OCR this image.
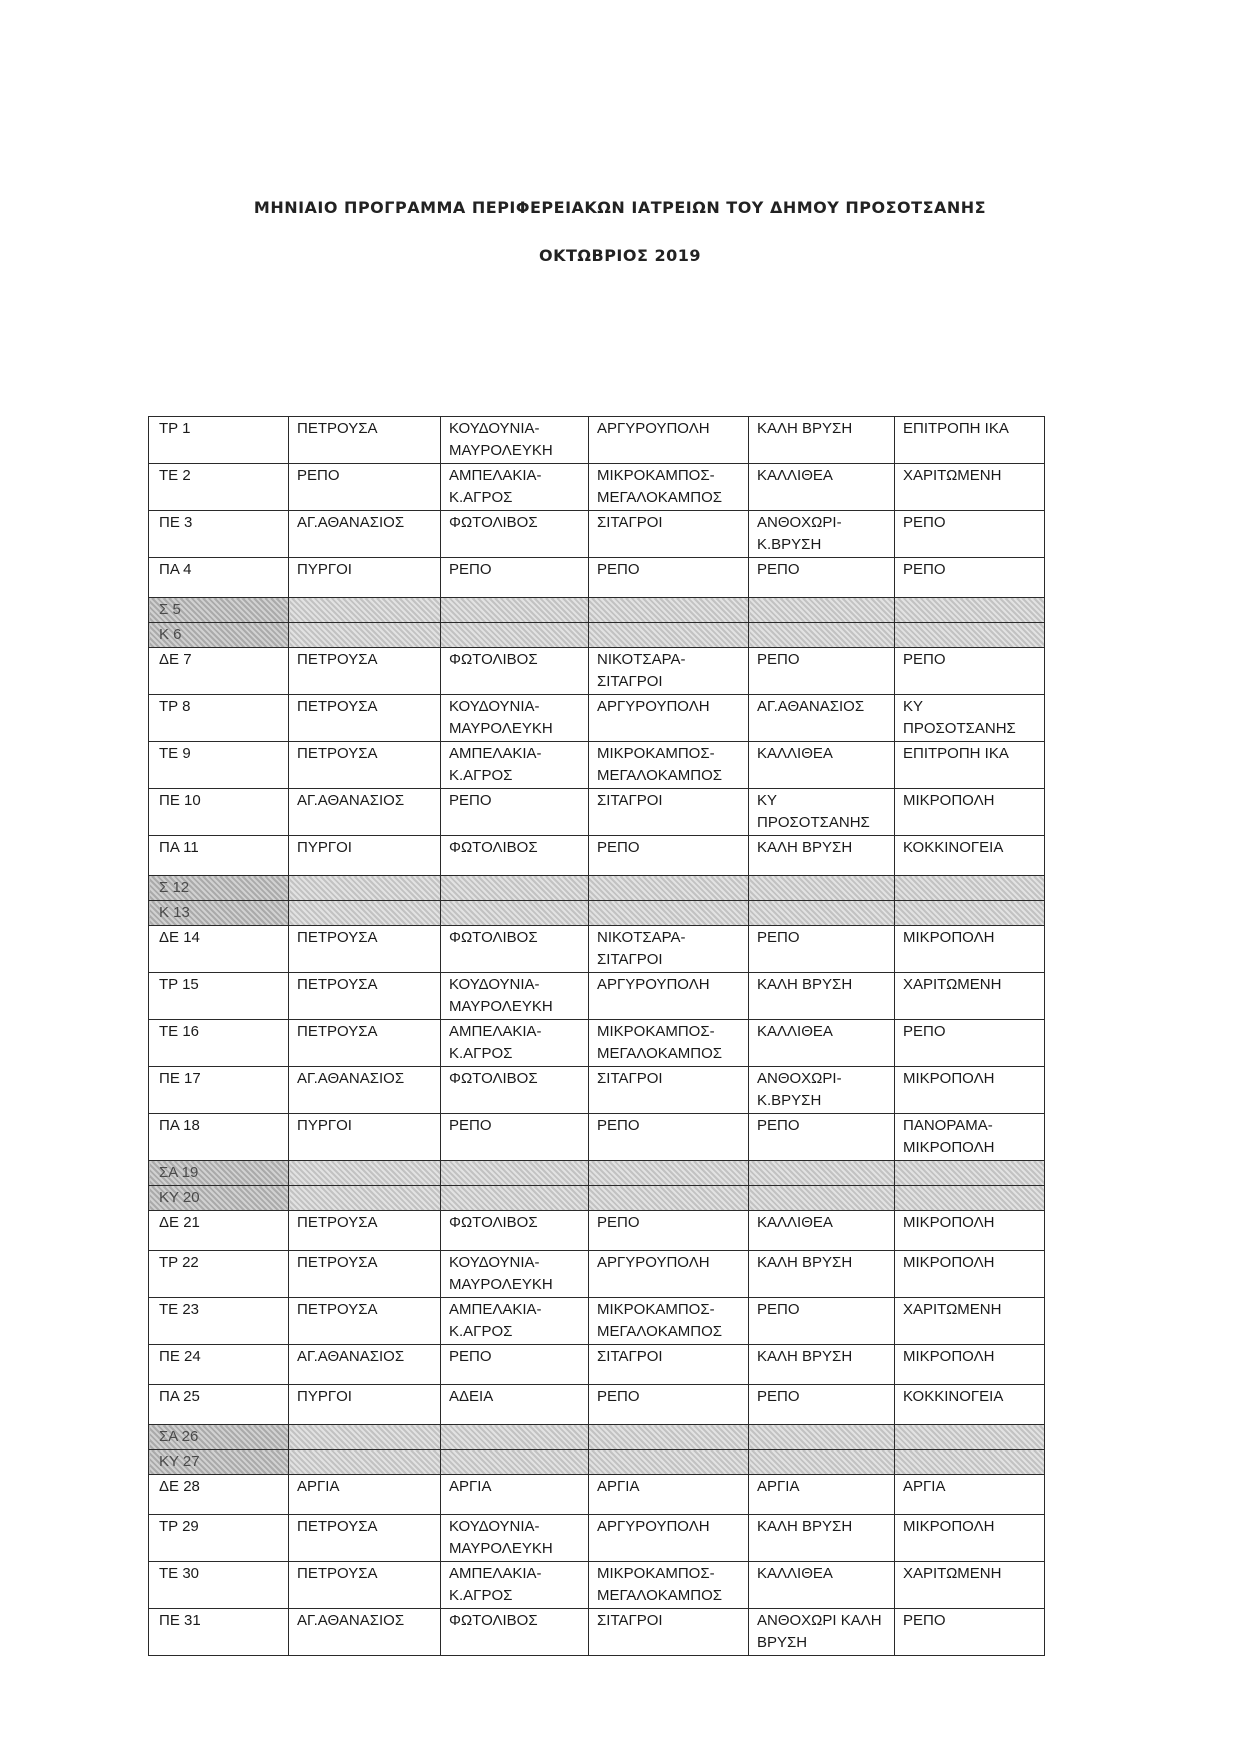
ΜΗΝΙΑΙΟ ΠΡΟΓΡΑΜΜΑ ΠΕΡΙΦΕΡΕΙΑΚΩΝ ΙΑΤΡΕΙΩΝ ΤΟΥ ΔΗΜΟΥ ΠΡΟΣΟΤΣΑΝΗΣ
ΟΚΤΩΒΡΙΟΣ 2019
ΤΡ 1	ΠΕΤΡΟΥΣΑ	ΚΟΥΔΟΥΝΙΑ-ΜΑΥΡΟΛΕΥΚΗ	ΑΡΓΥΡΟΥΠΟΛΗ	ΚΑΛΗ ΒΡΥΣΗ	ΕΠΙΤΡΟΠΗ ΙΚΑ
ΤΕ 2	ΡΕΠΟ	ΑΜΠΕΛΑΚΙΑ-Κ.ΑΓΡΟΣ	ΜΙΚΡΟΚΑΜΠΟΣ-ΜΕΓΑΛΟΚΑΜΠΟΣ	ΚΑΛΛΙΘΕΑ	ΧΑΡΙΤΩΜΕΝΗ
ΠΕ 3	ΑΓ.ΑΘΑΝΑΣΙΟΣ	ΦΩΤΟΛΙΒΟΣ	ΣΙΤΑΓΡΟΙ	ΑΝΘΟΧΩΡΙ-Κ.ΒΡΥΣΗ	ΡΕΠΟ
ΠΑ 4	ΠΥΡΓΟΙ	ΡΕΠΟ	ΡΕΠΟ	ΡΕΠΟ	ΡΕΠΟ
Σ 5					
Κ 6					
ΔΕ 7	ΠΕΤΡΟΥΣΑ	ΦΩΤΟΛΙΒΟΣ	ΝΙΚΟΤΣΑΡΑ-ΣΙΤΑΓΡΟΙ	ΡΕΠΟ	ΡΕΠΟ
ΤΡ 8	ΠΕΤΡΟΥΣΑ	ΚΟΥΔΟΥΝΙΑ-ΜΑΥΡΟΛΕΥΚΗ	ΑΡΓΥΡΟΥΠΟΛΗ	ΑΓ.ΑΘΑΝΑΣΙΟΣ	ΚΥ ΠΡΟΣΟΤΣΑΝΗΣ
ΤΕ 9	ΠΕΤΡΟΥΣΑ	ΑΜΠΕΛΑΚΙΑ-Κ.ΑΓΡΟΣ	ΜΙΚΡΟΚΑΜΠΟΣ-ΜΕΓΑΛΟΚΑΜΠΟΣ	ΚΑΛΛΙΘΕΑ	ΕΠΙΤΡΟΠΗ ΙΚΑ
ΠΕ 10	ΑΓ.ΑΘΑΝΑΣΙΟΣ	ΡΕΠΟ	ΣΙΤΑΓΡΟΙ	ΚΥ ΠΡΟΣΟΤΣΑΝΗΣ	ΜΙΚΡΟΠΟΛΗ
ΠΑ 11	ΠΥΡΓΟΙ	ΦΩΤΟΛΙΒΟΣ	ΡΕΠΟ	ΚΑΛΗ ΒΡΥΣΗ	ΚΟΚΚΙΝΟΓΕΙΑ
Σ 12					
Κ 13					
ΔΕ 14	ΠΕΤΡΟΥΣΑ	ΦΩΤΟΛΙΒΟΣ	ΝΙΚΟΤΣΑΡΑ-ΣΙΤΑΓΡΟΙ	ΡΕΠΟ	ΜΙΚΡΟΠΟΛΗ
ΤΡ 15	ΠΕΤΡΟΥΣΑ	ΚΟΥΔΟΥΝΙΑ-ΜΑΥΡΟΛΕΥΚΗ	ΑΡΓΥΡΟΥΠΟΛΗ	ΚΑΛΗ ΒΡΥΣΗ	ΧΑΡΙΤΩΜΕΝΗ
ΤΕ 16	ΠΕΤΡΟΥΣΑ	ΑΜΠΕΛΑΚΙΑ-Κ.ΑΓΡΟΣ	ΜΙΚΡΟΚΑΜΠΟΣ-ΜΕΓΑΛΟΚΑΜΠΟΣ	ΚΑΛΛΙΘΕΑ	ΡΕΠΟ
ΠΕ 17	ΑΓ.ΑΘΑΝΑΣΙΟΣ	ΦΩΤΟΛΙΒΟΣ	ΣΙΤΑΓΡΟΙ	ΑΝΘΟΧΩΡΙ-Κ.ΒΡΥΣΗ	ΜΙΚΡΟΠΟΛΗ
ΠΑ 18	ΠΥΡΓΟΙ	ΡΕΠΟ	ΡΕΠΟ	ΡΕΠΟ	ΠΑΝΟΡΑΜΑ-ΜΙΚΡΟΠΟΛΗ
ΣΑ 19					
ΚΥ 20					
ΔΕ 21	ΠΕΤΡΟΥΣΑ	ΦΩΤΟΛΙΒΟΣ	ΡΕΠΟ	ΚΑΛΛΙΘΕΑ	ΜΙΚΡΟΠΟΛΗ
ΤΡ 22	ΠΕΤΡΟΥΣΑ	ΚΟΥΔΟΥΝΙΑ-ΜΑΥΡΟΛΕΥΚΗ	ΑΡΓΥΡΟΥΠΟΛΗ	ΚΑΛΗ ΒΡΥΣΗ	ΜΙΚΡΟΠΟΛΗ
ΤΕ 23	ΠΕΤΡΟΥΣΑ	ΑΜΠΕΛΑΚΙΑ-Κ.ΑΓΡΟΣ	ΜΙΚΡΟΚΑΜΠΟΣ-ΜΕΓΑΛΟΚΑΜΠΟΣ	ΡΕΠΟ	ΧΑΡΙΤΩΜΕΝΗ
ΠΕ 24	ΑΓ.ΑΘΑΝΑΣΙΟΣ	ΡΕΠΟ	ΣΙΤΑΓΡΟΙ	ΚΑΛΗ ΒΡΥΣΗ	ΜΙΚΡΟΠΟΛΗ
ΠΑ 25	ΠΥΡΓΟΙ	ΑΔΕΙΑ	ΡΕΠΟ	ΡΕΠΟ	ΚΟΚΚΙΝΟΓΕΙΑ
ΣΑ 26					
ΚΥ 27					
ΔΕ 28	ΑΡΓΙΑ	ΑΡΓΙΑ	ΑΡΓΙΑ	ΑΡΓΙΑ	ΑΡΓΙΑ
ΤΡ 29	ΠΕΤΡΟΥΣΑ	ΚΟΥΔΟΥΝΙΑ-ΜΑΥΡΟΛΕΥΚΗ	ΑΡΓΥΡΟΥΠΟΛΗ	ΚΑΛΗ ΒΡΥΣΗ	ΜΙΚΡΟΠΟΛΗ
ΤΕ 30	ΠΕΤΡΟΥΣΑ	ΑΜΠΕΛΑΚΙΑ-Κ.ΑΓΡΟΣ	ΜΙΚΡΟΚΑΜΠΟΣ-ΜΕΓΑΛΟΚΑΜΠΟΣ	ΚΑΛΛΙΘΕΑ	ΧΑΡΙΤΩΜΕΝΗ
ΠΕ 31	ΑΓ.ΑΘΑΝΑΣΙΟΣ	ΦΩΤΟΛΙΒΟΣ	ΣΙΤΑΓΡΟΙ	ΑΝΘΟΧΩΡΙ ΚΑΛΗ ΒΡΥΣΗ	ΡΕΠΟ
